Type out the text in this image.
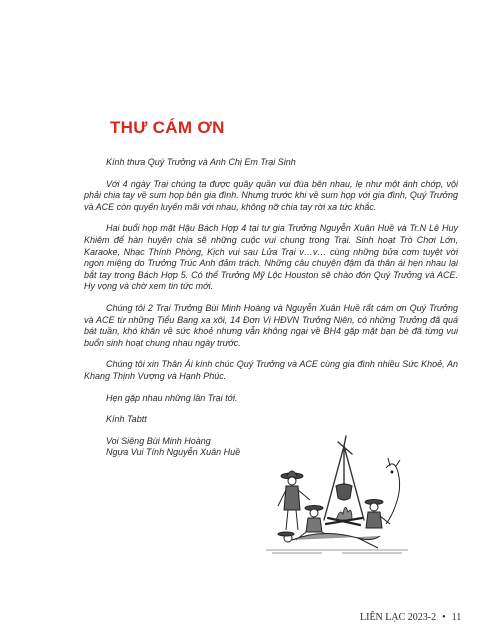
THƯ CÁM ƠN

Kính thưa Quý Trưởng và Anh Chị Em Trại Sinh

Với 4 ngày Trại chúng ta được quây quần vui đùa bên nhau, lẹ như một ánh chớp, vội phải chia tay về sum họp bên gia đình. Nhưng trước khi về sum họp với gia đình, Quý Trưởng và ACE còn quyến luyến mãi với nhau, không nỡ chia tay rời xa tức khắc.

Hai buổi họp mặt Hậu Bách Hợp 4 tại tư gia Trưởng Nguyễn Xuân Huề và Tr.N Lê Huy Khiêm để hàn huyên chia sẽ những cuộc vui chung trong Trại. Sinh hoạt Trò Chơi Lớn, Karaoke, Nhạc Thính Phòng, Kịch vui sau Lửa Trại v…v… cùng những bửa cơm tuyệt vời ngon miệng do Trưởng Trúc Anh đảm trách. Những câu chuyện đậm đà thân ái hẹn nhau lại bắt tay trong Bách Hợp 5. Có thể Trưởng Mỹ Lộc Houston sẽ chào đón Quý Trưởng và ACE. Hy vọng và chờ xem tin tức mới.

Chúng tôi 2 Trại Trưởng Bùi Minh Hoàng và Nguyễn Xuân Huề rất cám ơn Quý Trưởng và ACE từ những Tiểu Bang xa xôi, 14 Đơn Vị HĐVN Trưởng Niên, có những Trưởng đã quá bát tuần, khó khăn về sức khoẻ nhưng vẫn không ngại về BH4 gặp mặt bạn bè đã từng vui buổn sinh hoạt chung nhau ngày trước.

Chúng tôi xin Thân Ái kính chúc Quý Trưởng và ACE cùng gia đình nhiều Sức Khoẻ, An Khang Thịnh Vượng và Hạnh Phúc.

Hẹn gặp nhau những lần Trại tới.

Kính Tabtt

Voi Siêng Bùi Minh Hoàng

Ngựa Vui Tính Nguyễn Xuân Huề

LIÊN LẠC 2023-2 • 11
